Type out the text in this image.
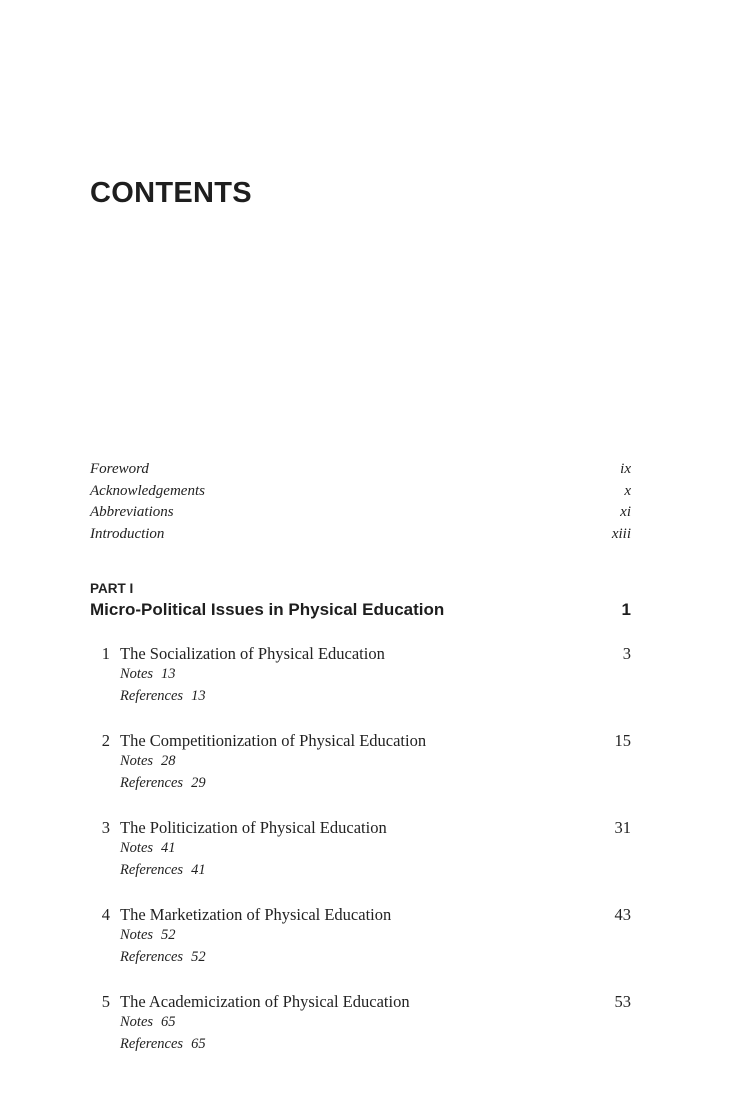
CONTENTS
Foreword	ix
Acknowledgements	x
Abbreviations	xi
Introduction	xiii
PART I
Micro-Political Issues in Physical Education	1
1 The Socialization of Physical Education	3
Notes 13
References 13
2 The Competitionization of Physical Education	15
Notes 28
References 29
3 The Politicization of Physical Education	31
Notes 41
References 41
4 The Marketization of Physical Education	43
Notes 52
References 52
5 The Academicization of Physical Education	53
Notes 65
References 65
